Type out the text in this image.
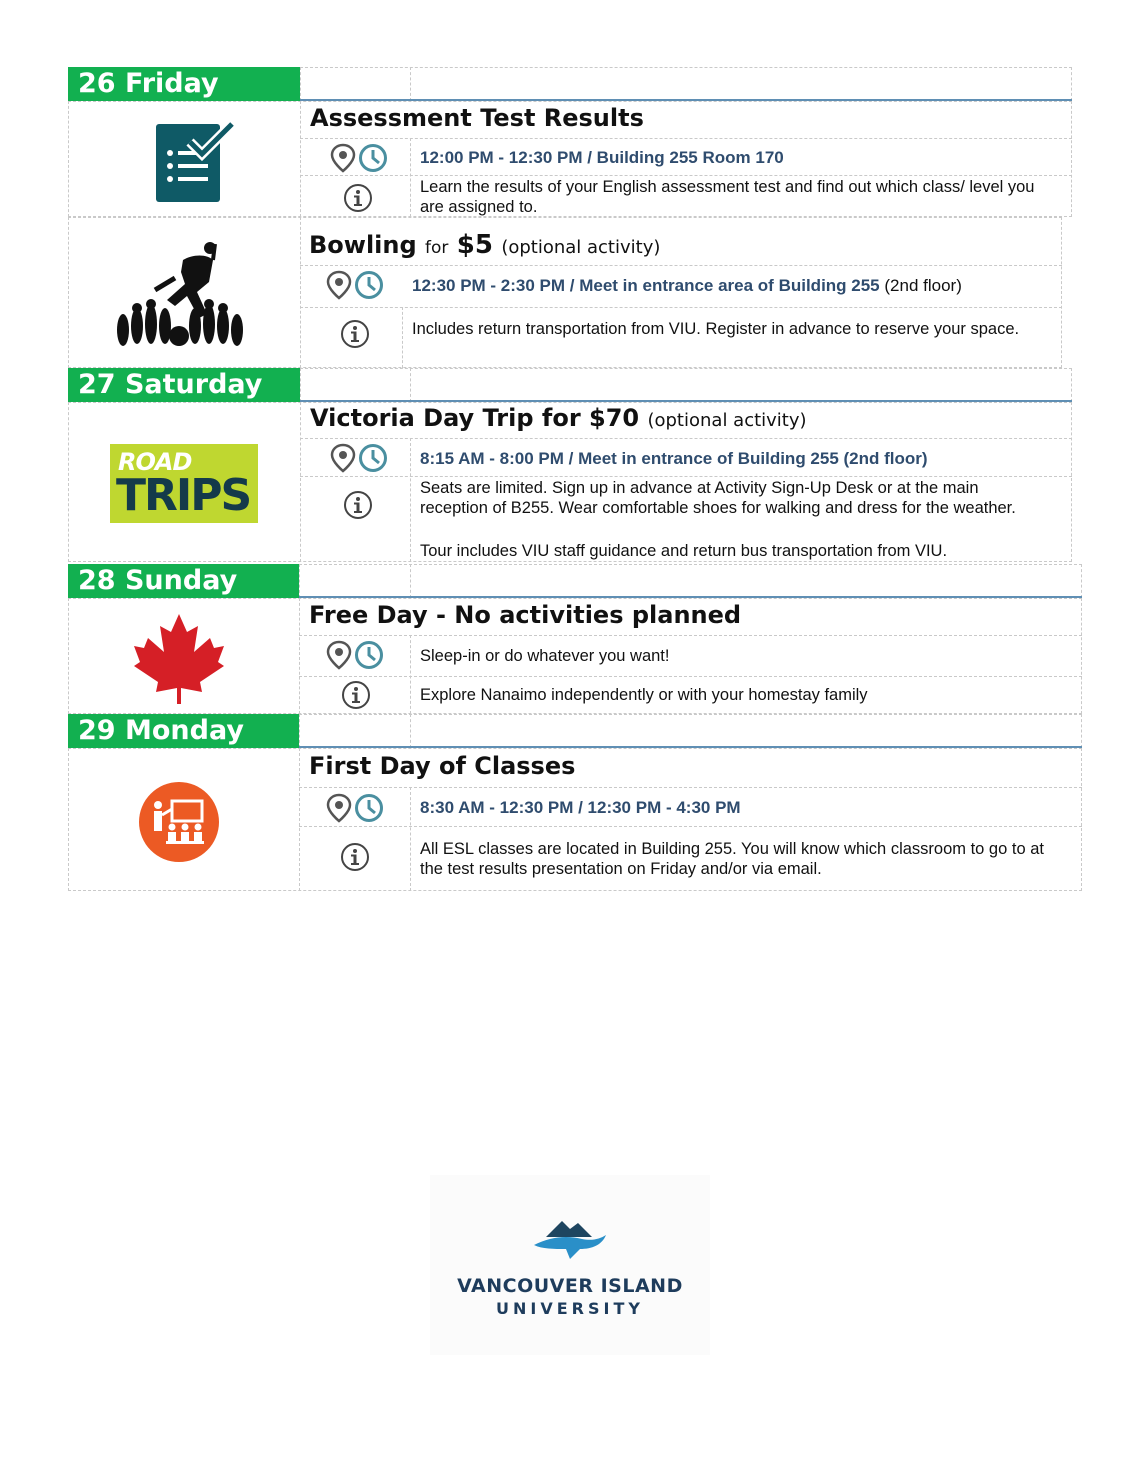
26 Friday
Assessment Test Results
12:00 PM - 12:30 PM / Building 255 Room 170
Learn the results of your English assessment test and find out which class/ level you are assigned to.
Bowling for $5 (optional activity)
12:30 PM - 2:30 PM / Meet in entrance area of Building 255 (2nd floor)
Includes return transportation from VIU. Register in advance to reserve your space.
27 Saturday
ROAD
TRIPS
Victoria Day Trip for $70 (optional activity)
8:15 AM - 8:00 PM / Meet in entrance of Building 255 (2nd floor)
Seats are limited. Sign up in advance at Activity Sign-Up Desk or at the main reception of B255. Wear comfortable shoes for walking and dress for the weather.
Tour includes VIU staff guidance and return bus transportation from VIU.
28 Sunday
Free Day - No activities planned
Sleep-in or do whatever you want!
Explore Nanaimo independently or with your homestay family
29 Monday
First Day of Classes
8:30 AM - 12:30 PM / 12:30 PM - 4:30 PM
All ESL classes are located in Building 255. You will know which classroom to go to at the test results presentation on Friday and/or via email.
VANCOUVER ISLAND
UNIVERSITY
